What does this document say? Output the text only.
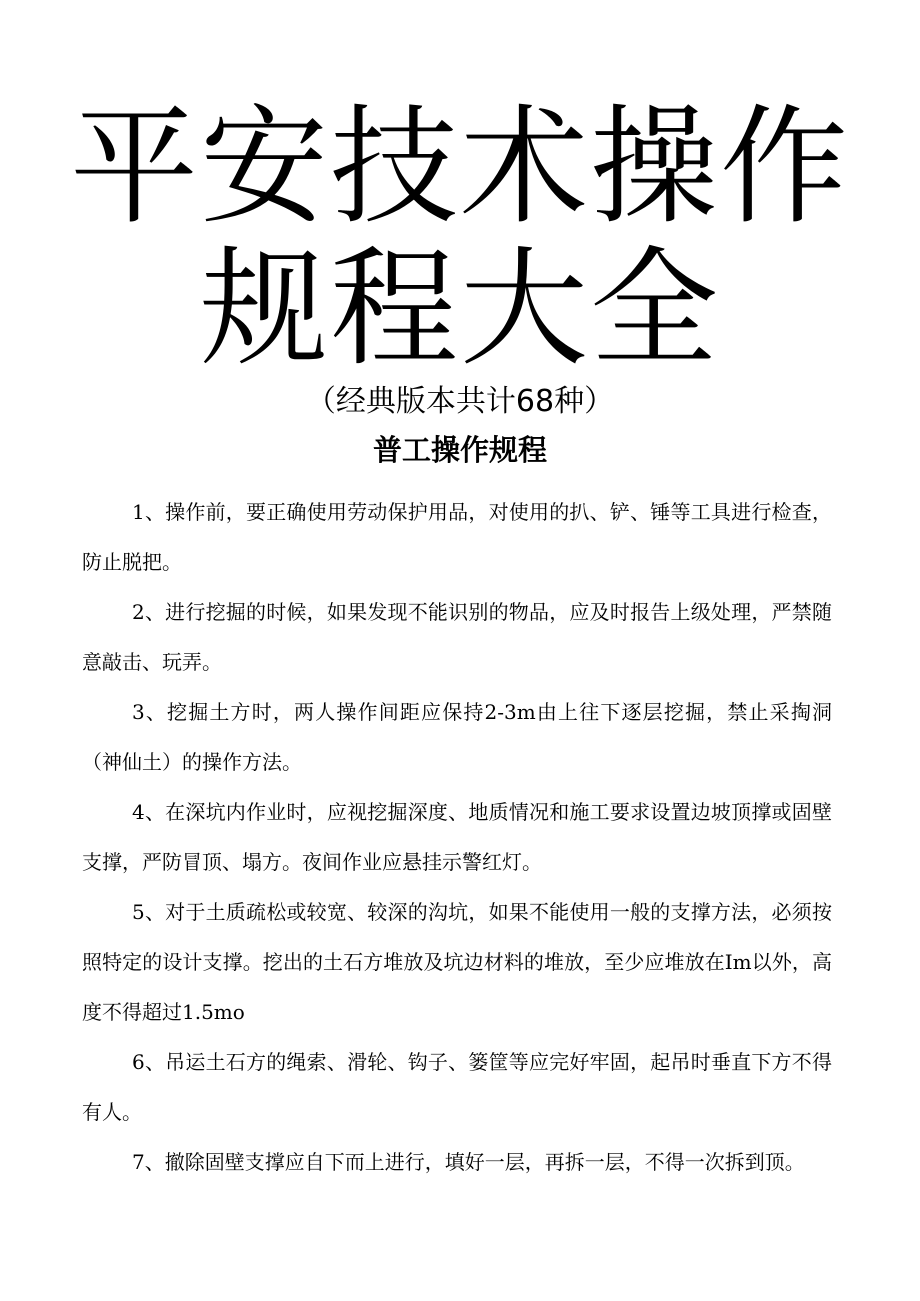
平安技术操作
规程大全

（经典版本共计68种）

普工操作规程

1、操作前，要正确使用劳动保护用品，对使用的扒、铲、锤等工具进行检查，防止脱把。

2、进行挖掘的时候，如果发现不能识别的物品，应及时报告上级处理，严禁随意敲击、玩弄。

3、挖掘土方时，两人操作间距应保持2-3m由上往下逐层挖掘，禁止采掏洞（神仙土）的操作方法。

4、在深坑内作业时，应视挖掘深度、地质情况和施工要求设置边坡顶撑或固壁支撑，严防冒顶、塌方。夜间作业应悬挂示警红灯。

5、对于土质疏松或较宽、较深的沟坑，如果不能使用一般的支撑方法，必须按照特定的设计支撑。挖出的土石方堆放及坑边材料的堆放，至少应堆放在Im以外，高度不得超过1.5mo

6、吊运土石方的绳索、滑轮、钩子、篓筐等应完好牢固，起吊时垂直下方不得有人。

7、撤除固壁支撑应自下而上进行，填好一层，再拆一层，不得一次拆到顶。
